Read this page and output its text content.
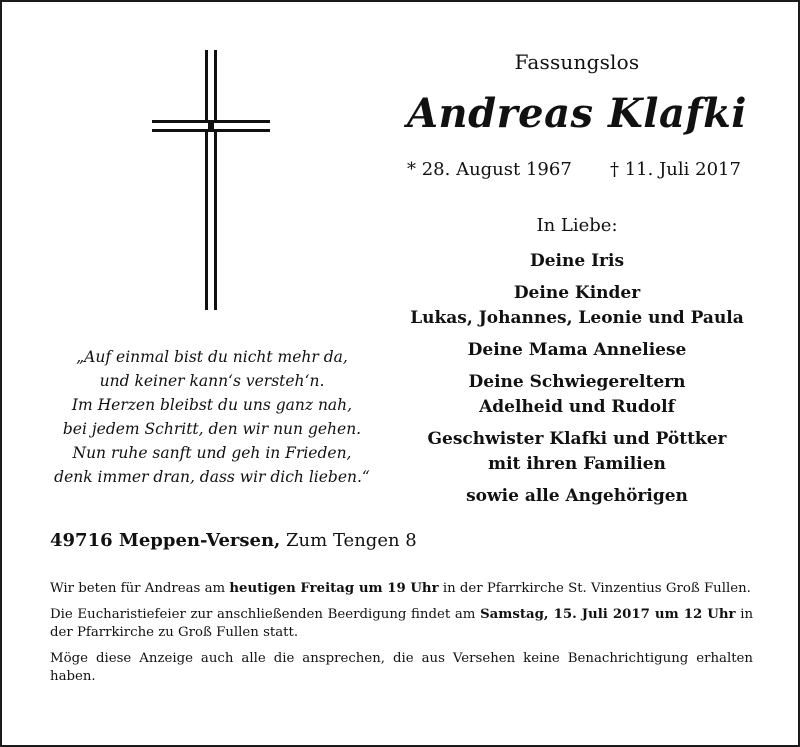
Fassungslos
Andreas Klafki
* 28. August 1967 † 11. Juli 2017
In Liebe:
Deine Iris
Deine Kinder
Lukas, Johannes, Leonie und Paula
Deine Mama Anneliese
Deine Schwiegereltern
Adelheid und Rudolf
Geschwister Klafki und Pöttker
mit ihren Familien
sowie alle Angehörigen
„Auf einmal bist du nicht mehr da,
und keiner kann‘s versteh‘n.
Im Herzen bleibst du uns ganz nah,
bei jedem Schritt, den wir nun gehen.
Nun ruhe sanft und geh in Frieden,
denk immer dran, dass wir dich lieben.“
49716 Meppen-Versen, Zum Tengen 8

Wir beten für Andreas am heutigen Freitag um 19 Uhr in der Pfarrkirche St. Vinzentius Groß Fullen.

Die Eucharistiefeier zur anschließenden Beerdigung findet am Samstag, 15. Juli 2017 um 12 Uhr in der Pfarrkirche zu Groß Fullen statt.

Möge diese Anzeige auch alle die ansprechen, die aus Versehen keine Benachrichtigung erhalten haben.
